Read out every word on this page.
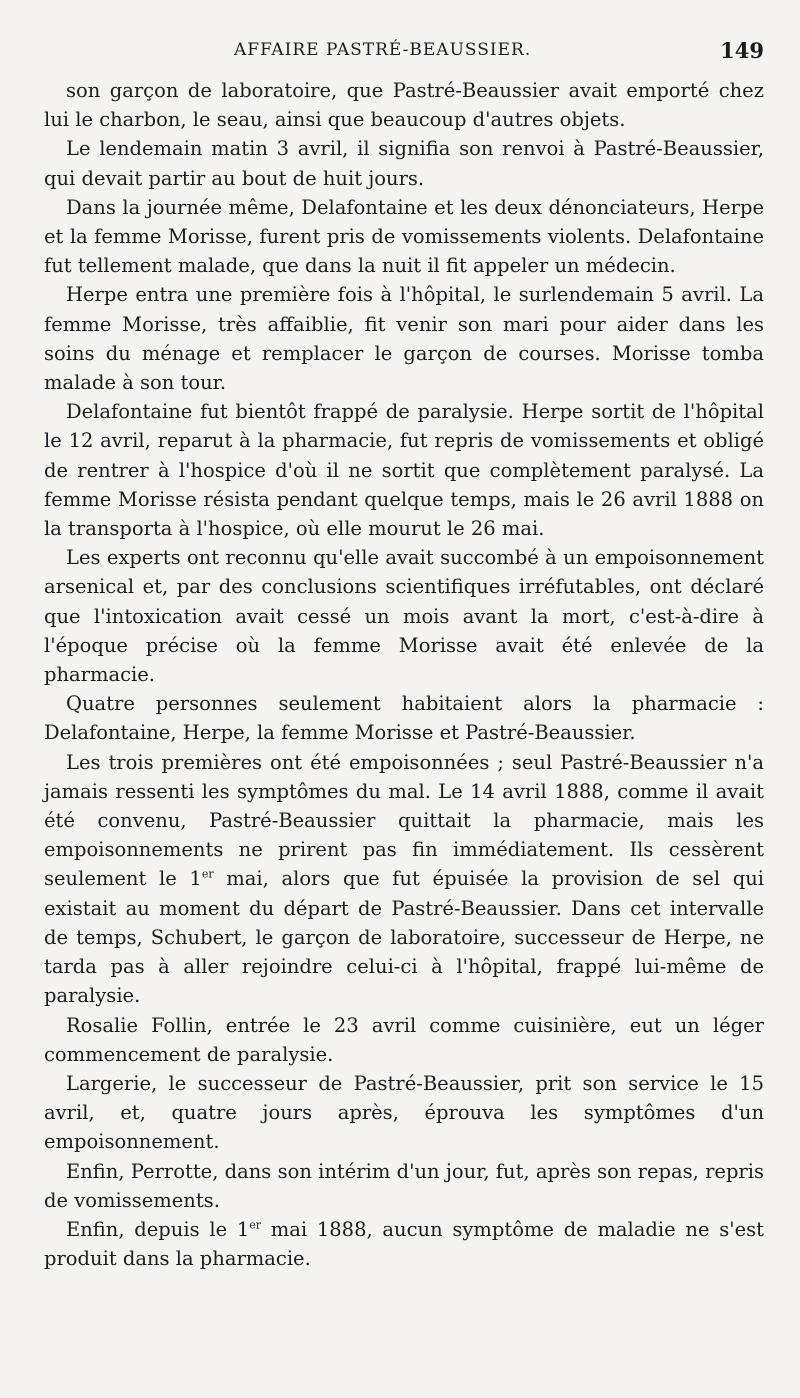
AFFAIRE PASTRÉ-BEAUSSIER.	149

son garçon de laboratoire, que Pastré-Beaussier avait emporté chez lui le charbon, le seau, ainsi que beaucoup d'autres objets.

Le lendemain matin 3 avril, il signifia son renvoi à Pastré-Beaussier, qui devait partir au bout de huit jours.

Dans la journée même, Delafontaine et les deux dénonciateurs, Herpe et la femme Morisse, furent pris de vomissements violents. Delafontaine fut tellement malade, que dans la nuit il fit appeler un médecin.

Herpe entra une première fois à l'hôpital, le surlendemain 5 avril. La femme Morisse, très affaiblie, fit venir son mari pour aider dans les soins du ménage et remplacer le garçon de courses. Morisse tomba malade à son tour.

Delafontaine fut bientôt frappé de paralysie. Herpe sortit de l'hôpital le 12 avril, reparut à la pharmacie, fut repris de vomissements et obligé de rentrer à l'hospice d'où il ne sortit que complètement paralysé. La femme Morisse résista pendant quelque temps, mais le 26 avril 1888 on la transporta à l'hospice, où elle mourut le 26 mai.

Les experts ont reconnu qu'elle avait succombé à un empoisonnement arsenical et, par des conclusions scientifiques irréfutables, ont déclaré que l'intoxication avait cessé un mois avant la mort, c'est-à-dire à l'époque précise où la femme Morisse avait été enlevée de la pharmacie.

Quatre personnes seulement habitaient alors la pharmacie : Delafontaine, Herpe, la femme Morisse et Pastré-Beaussier.

Les trois premières ont été empoisonnées ; seul Pastré-Beaussier n'a jamais ressenti les symptômes du mal. Le 14 avril 1888, comme il avait été convenu, Pastré-Beaussier quittait la pharmacie, mais les empoisonnements ne prirent pas fin immédiatement. Ils cessèrent seulement le 1er mai, alors que fut épuisée la provision de sel qui existait au moment du départ de Pastré-Beaussier. Dans cet intervalle de temps, Schubert, le garçon de laboratoire, successeur de Herpe, ne tarda pas à aller rejoindre celui-ci à l'hôpital, frappé lui-même de paralysie.

Rosalie Follin, entrée le 23 avril comme cuisinière, eut un léger commencement de paralysie.

Largerie, le successeur de Pastré-Beaussier, prit son service le 15 avril, et, quatre jours après, éprouva les symptômes d'un empoisonnement.

Enfin, Perrotte, dans son intérim d'un jour, fut, après son repas, repris de vomissements.

Enfin, depuis le 1er mai 1888, aucun symptôme de maladie ne s'est produit dans la pharmacie.
